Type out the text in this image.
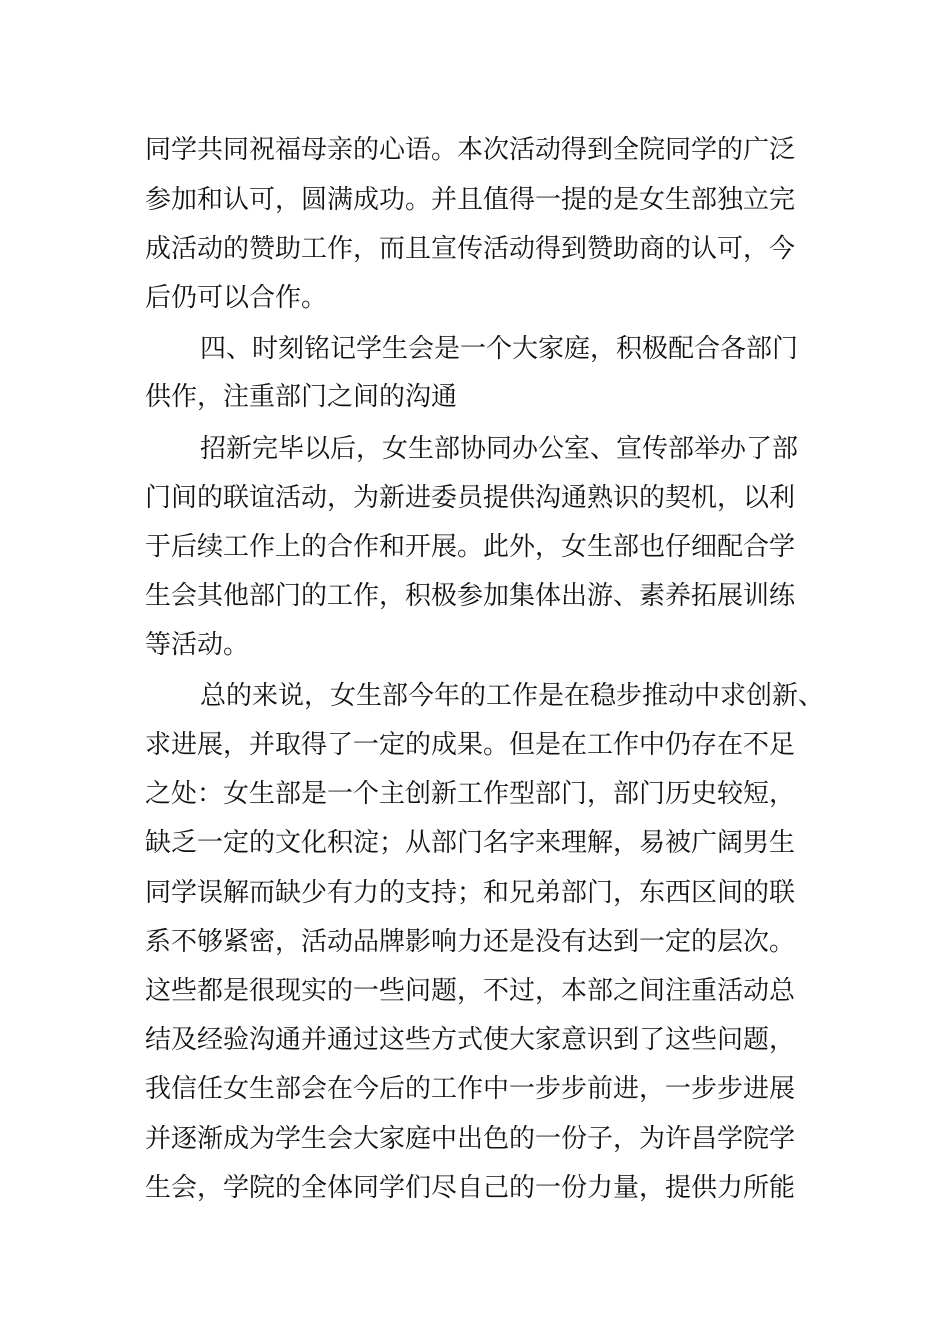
同学共同祝福母亲的心语。本次活动得到全院同学的广泛
参加和认可，圆满成功。并且值得一提的是女生部独立完
成活动的赞助工作，而且宣传活动得到赞助商的认可，今
后仍可以合作。
四、时刻铭记学生会是一个大家庭，积极配合各部门
供作，注重部门之间的沟通
招新完毕以后，女生部协同办公室、宣传部举办了部
门间的联谊活动，为新进委员提供沟通熟识的契机，以利
于后续工作上的合作和开展。此外，女生部也仔细配合学
生会其他部门的工作，积极参加集体出游、素养拓展训练
等活动。
总的来说，女生部今年的工作是在稳步推动中求创新、
求进展，并取得了一定的成果。但是在工作中仍存在不足
之处：女生部是一个主创新工作型部门，部门历史较短，
缺乏一定的文化积淀；从部门名字来理解，易被广阔男生
同学误解而缺少有力的支持；和兄弟部门，东西区间的联
系不够紧密，活动品牌影响力还是没有达到一定的层次。
这些都是很现实的一些问题，不过，本部之间注重活动总
结及经验沟通并通过这些方式使大家意识到了这些问题，
我信任女生部会在今后的工作中一步步前进，一步步进展
并逐渐成为学生会大家庭中出色的一份子，为许昌学院学
生会，学院的全体同学们尽自己的一份力量，提供力所能
